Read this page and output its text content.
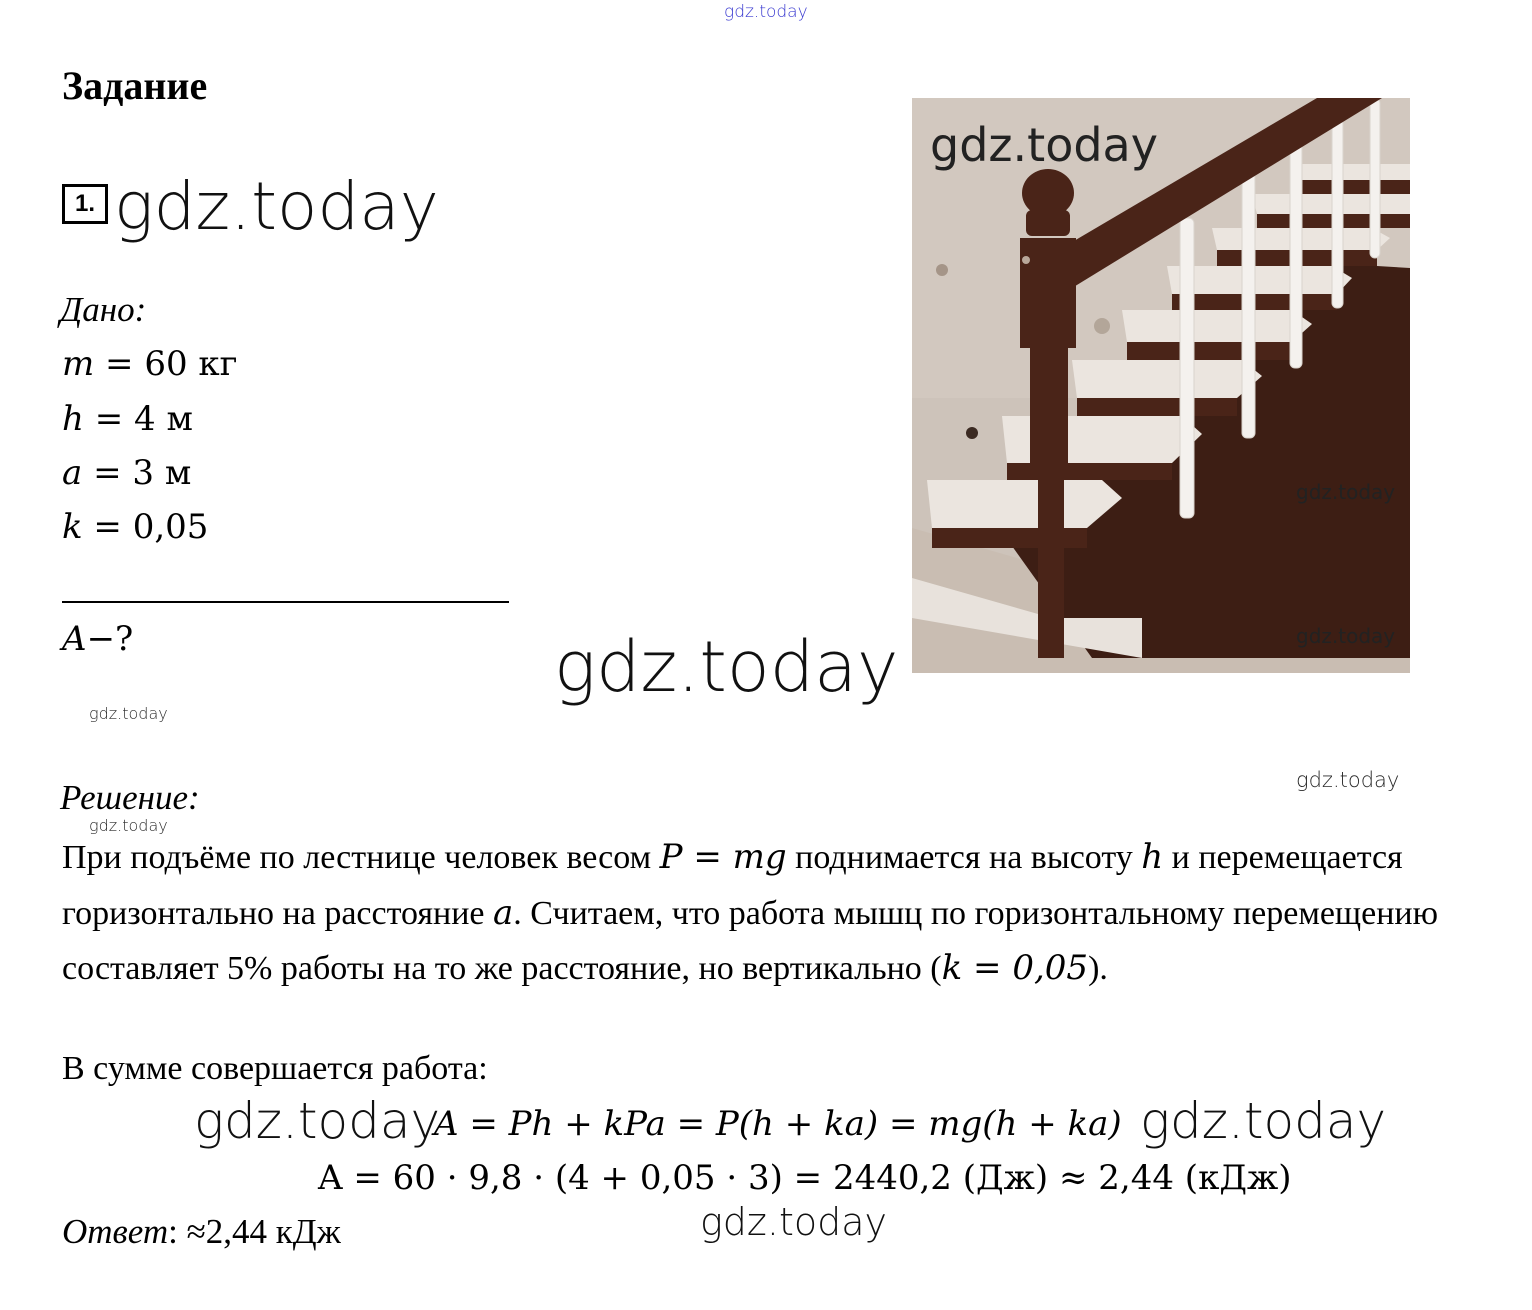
gdz.today
Задание
1. gdz.today
Дано:
m = 60 кг
h = 4 м
a = 3 м
k = 0,05
A−?
gdz.today
gdz.today
gdz.today
gdz.today
gdz.today
gdz.today
Решение:
gdz.today
При подъёме по лестнице человек весом P = mg поднимается на высоту h и перемещается горизонтально на расстояние a. Считаем, что работа мышц по горизонтальному перемещению составляет 5% работы на то же расстояние, но вертикально (k = 0,05).
В сумме совершается работа:
gdz.today
A = Ph + kPa = P(h + ka) = mg(h + ka) gdz.today
A = 60 · 9,8 · (4 + 0,05 · 3) = 2440,2 (Дж) ≈ 2,44 (кДж)
gdz.today
Ответ: ≈2,44 кДж
